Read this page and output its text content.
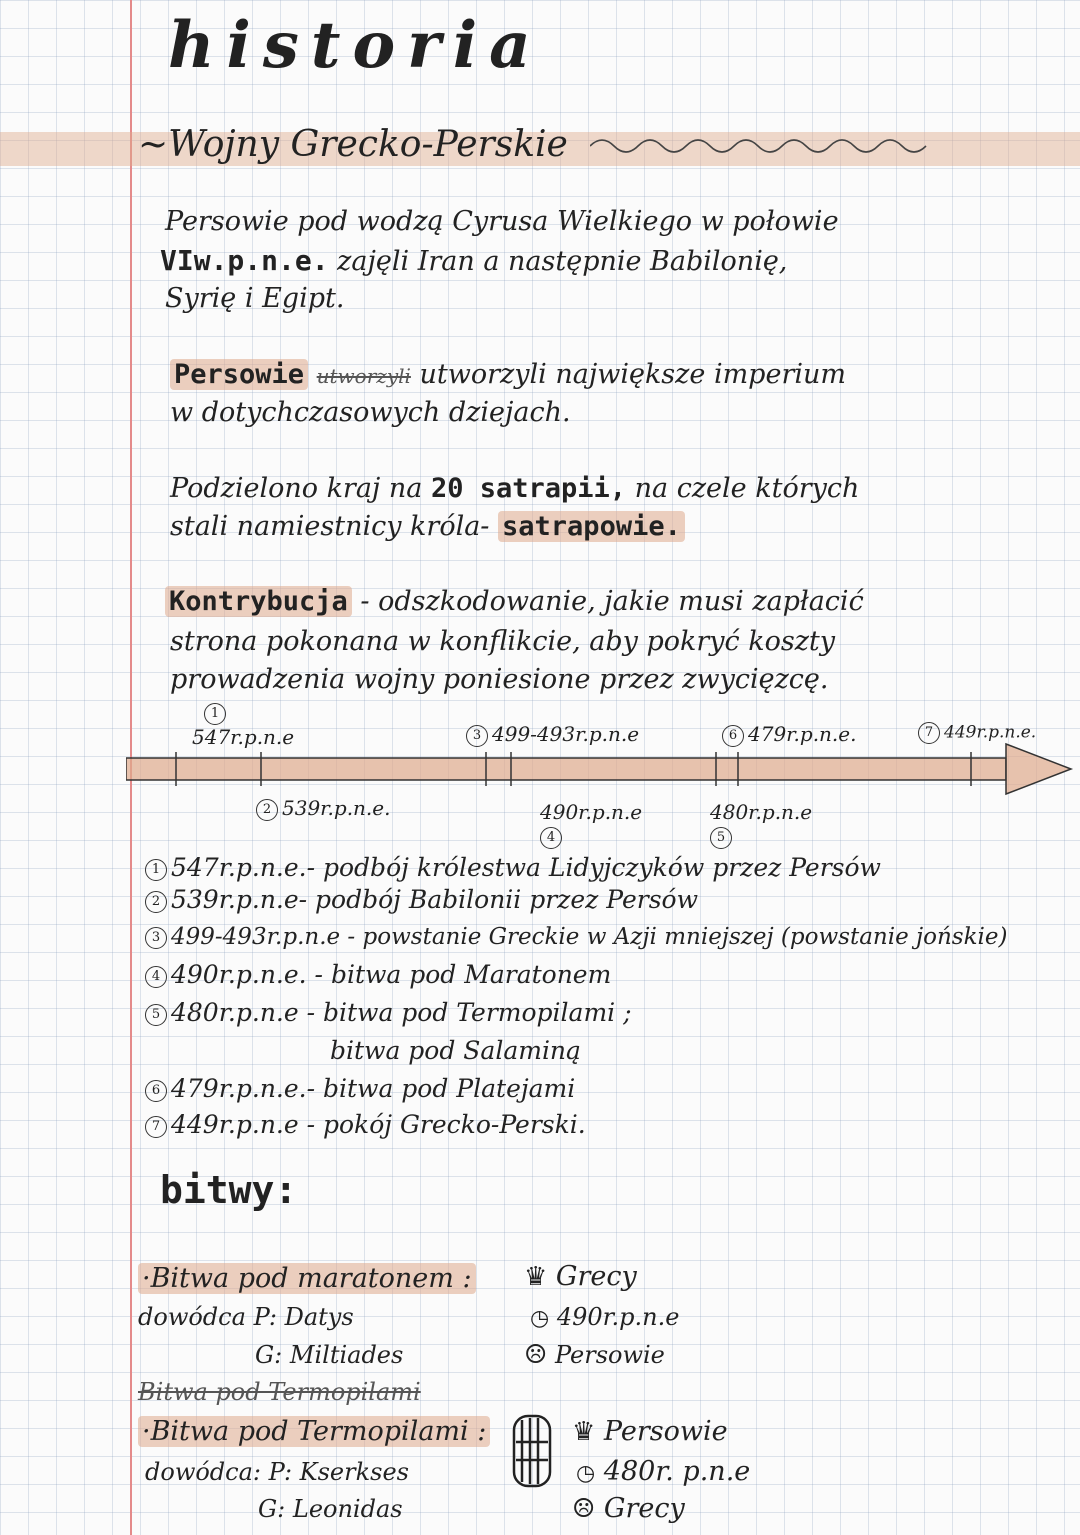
historia
~Wojny Grecko-Perskie
Persowie pod wodzą Cyrusa Wielkiego w połowie
VIw.p.n.e. zajęli Iran a następnie Babilonię,
Syrię i Egipt.
Persowie utworzyli utworzyli największe imperium
w dotychczasowych dziejach.
Podzielono kraj na 20 satrapii, na czele których
stali namiestnicy króla- satrapowie.
Kontrybucja - odszkodowanie, jakie musi zapłacić
strona pokonana w konflikcie, aby pokryć koszty
prowadzenia wojny poniesione przez zwycięzcę.
1
547r.p.n.e	3 499-493r.p.n.e	6 479r.p.n.e.	7 449r.p.n.e.
2 539r.p.n.e.	490r.p.n.e
4
480r.p.n.e
5
1 547r.p.n.e.- podbój królestwa Lidyjczyków przez Persów
2 539r.p.n.e- podbój Babilonii przez Persów
3 499-493r.p.n.e - powstanie Greckie w Azji mniejszej (powstanie jońskie)
4 490r.p.n.e. - bitwa pod Maratonem
5 480r.p.n.e - bitwa pod Termopilami ;
bitwa pod Salaminą
6 479r.p.n.e.- bitwa pod Platejami
7 449r.p.n.e - pokój Grecko-Perski.
bitwy:
·Bitwa pod maratonem :
dowódca P: Datys
G: Miltiades
♛ Grecy
◷ 490r.p.n.e
☹ Persowie
Bitwa pod Termopilami
·Bitwa pod Termopilami :
dowódca: P: Kserkses
G: Leonidas
♛ Persowie
◷ 480r. p.n.e
☹ Grecy
